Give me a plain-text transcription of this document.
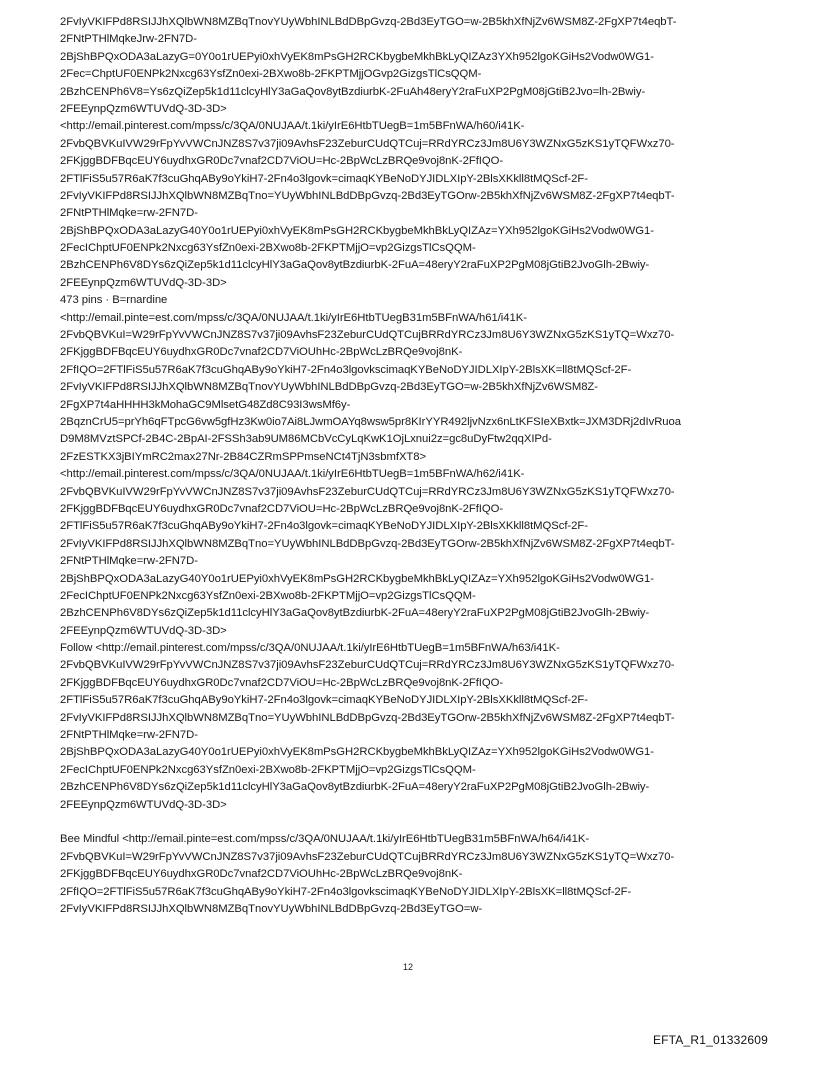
2FvIyVKIFPd8RSIJJhXQlbWN8MZBqTnovYUyWbhINLBdDBpGvzq-2Bd3EyTGO=w-2B5khXfNjZv6WSM8Z-2FgXP7t4eqbT-
2FNtPTHlMqkeJrw-2FN7D-
2BjShBPQxODA3aLazyG=0Y0o1rUEPyi0xhVyEK8mPsGH2RCKbygbeMkhBkLyQIZAz3YXh952lgoKGiHs2Vodw0WG1-
2Fec=ChptUF0ENPk2Nxcg63YsfZn0exi-2BXwo8b-2FKPTMjjOGvp2GizgsTlCsQQM-
2BzhCENPh6V8=Ys6zQiZep5k1d11clcyHlY3aGaQov8ytBzdiurbK-2FuAh48eryY2raFuXP2PgM08jGtiB2Jvo=lh-2Bwiy-
2FEEynpQzm6WTUVdQ-3D-3D>
<http://email.pinterest.com/mpss/c/3QA/0NUJAA/t.1ki/yIrE6HtbTUegB=1m5BFnWA/h60/i41K-
2FvbQBVKuIVW29rFpYvVWCnJNZ8S7v37ji09AvhsF23ZeburCUdQTCuj=RRdYRCz3Jm8U6Y3WZNxG5zKS1yTQFWxz70-
2FKjggBDFBqcEUY6uydhxGR0Dc7vnaf2CD7ViOU=Hc-2BpWcLzBRQe9voj8nK-2FfIQO-
2FTlFiS5u57R6aK7f3cuGhqABy9oYkiH7-2Fn4o3lgovk=cimaqKYBeNoDYJIDLXIpY-2BlsXKkll8tMQScf-2F-
2FvIyVKIFPd8RSIJJhXQlbWN8MZBqTno=YUyWbhINLBdDBpGvzq-2Bd3EyTGOrw-2B5khXfNjZv6WSM8Z-2FgXP7t4eqbT-
2FNtPTHlMqke=rw-2FN7D-
2BjShBPQxODA3aLazyG40Y0o1rUEPyi0xhVyEK8mPsGH2RCKbygbeMkhBkLyQIZAz=YXh952lgoKGiHs2Vodw0WG1-
2FecIChptUF0ENPk2Nxcg63YsfZn0exi-2BXwo8b-2FKPTMjjO=vp2GizgsTlCsQQM-
2BzhCENPh6V8DYs6zQiZep5k1d11clcyHlY3aGaQov8ytBzdiurbK-2FuA=48eryY2raFuXP2PgM08jGtiB2JvoGlh-2Bwiy-
2FEEynpQzm6WTUVdQ-3D-3D>
473 pins · B=rnardine
<http://email.pinte=est.com/mpss/c/3QA/0NUJAA/t.1ki/yIrE6HtbTUegB31m5BFnWA/h61/i41K-
2FvbQBVKuI=W29rFpYvVWCnJNZ8S7v37ji09AvhsF23ZeburCUdQTCujBRRdYRCz3Jm8U6Y3WZNxG5zKS1yTQ=Wxz70-
2FKjggBDFBqcEUY6uydhxGR0Dc7vnaf2CD7ViOUhHc-2BpWcLzBRQe9voj8nK-
2FfIQO=2FTlFiS5u57R6aK7f3cuGhqABy9oYkiH7-2Fn4o3lgovkscimaqKYBeNoDYJIDLXIpY-2BlsXK=ll8tMQScf-2F-
2FvIyVKIFPd8RSIJJhXQlbWN8MZBqTnovYUyWbhINLBdDBpGvzq-2Bd3EyTGO=w-2B5khXfNjZv6WSM8Z-
2FgXP7t4aHHHH3kMohaGC9MlsetG48Zd8C93I3wsMf6y-
2BqznCrU5=prYh6qFTpcG6vw5gfHz3Kw0io7Ai8LJwmOAYq8wsw5pr8KIrYYR492ljvNzx6nLtKFSIeXBxtk=JXM3DRj2dIvRuoa
D9M8MVztSPCf-2B4C-2BpAI-2FSSh3ab9UM86MCbVcCyLqKwK1OjLxnui2z=gc8uDyFtw2qqXIPd-
2FzESTKX3jBIYmRC2max27Nr-2B84CZRmSPPmseNCt4TjN3sbmfXT8>
<http://email.pinterest.com/mpss/c/3QA/0NUJAA/t.1ki/yIrE6HtbTUegB=1m5BFnWA/h62/i41K-
2FvbQBVKuIVW29rFpYvVWCnJNZ8S7v37ji09AvhsF23ZeburCUdQTCuj=RRdYRCz3Jm8U6Y3WZNxG5zKS1yTQFWxz70-
2FKjggBDFBqcEUY6uydhxGR0Dc7vnaf2CD7ViOU=Hc-2BpWcLzBRQe9voj8nK-2FfIQO-
2FTlFiS5u57R6aK7f3cuGhqABy9oYkiH7-2Fn4o3lgovk=cimaqKYBeNoDYJIDLXIpY-2BlsXKkll8tMQScf-2F-
2FvIyVKIFPd8RSIJJhXQlbWN8MZBqTno=YUyWbhINLBdDBpGvzq-2Bd3EyTGOrw-2B5khXfNjZv6WSM8Z-2FgXP7t4eqbT-
2FNtPTHlMqke=rw-2FN7D-
2BjShBPQxODA3aLazyG40Y0o1rUEPyi0xhVyEK8mPsGH2RCKbygbeMkhBkLyQIZAz=YXh952lgoKGiHs2Vodw0WG1-
2FecIChptUF0ENPk2Nxcg63YsfZn0exi-2BXwo8b-2FKPTMjjO=vp2GizgsTlCsQQM-
2BzhCENPh6V8DYs6zQiZep5k1d11clcyHlY3aGaQov8ytBzdiurbK-2FuA=48eryY2raFuXP2PgM08jGtiB2JvoGlh-2Bwiy-
2FEEynpQzm6WTUVdQ-3D-3D>
Follow <http://email.pinterest.com/mpss/c/3QA/0NUJAA/t.1ki/yIrE6HtbTUegB=1m5BFnWA/h63/i41K-
2FvbQBVKuIVW29rFpYvVWCnJNZ8S7v37ji09AvhsF23ZeburCUdQTCuj=RRdYRCz3Jm8U6Y3WZNxG5zKS1yTQFWxz70-
2FKjggBDFBqcEUY6uydhxGR0Dc7vnaf2CD7ViOU=Hc-2BpWcLzBRQe9voj8nK-2FfIQO-
2FTlFiS5u57R6aK7f3cuGhqABy9oYkiH7-2Fn4o3lgovk=cimaqKYBeNoDYJIDLXIpY-2BlsXKkll8tMQScf-2F-
2FvIyVKIFPd8RSIJJhXQlbWN8MZBqTno=YUyWbhINLBdDBpGvzq-2Bd3EyTGOrw-2B5khXfNjZv6WSM8Z-2FgXP7t4eqbT-
2FNtPTHlMqke=rw-2FN7D-
2BjShBPQxODA3aLazyG40Y0o1rUEPyi0xhVyEK8mPsGH2RCKbygbeMkhBkLyQIZAz=YXh952lgoKGiHs2Vodw0WG1-
2FecIChptUF0ENPk2Nxcg63YsfZn0exi-2BXwo8b-2FKPTMjjO=vp2GizgsTlCsQQM-
2BzhCENPh6V8DYs6zQiZep5k1d11clcyHlY3aGaQov8ytBzdiurbK-2FuA=48eryY2raFuXP2PgM08jGtiB2JvoGlh-2Bwiy-
2FEEynpQzm6WTUVdQ-3D-3D>
Bee Mindful <http://email.pinte=est.com/mpss/c/3QA/0NUJAA/t.1ki/yIrE6HtbTUegB31m5BFnWA/h64/i41K-
2FvbQBVKuI=W29rFpYvVWCnJNZ8S7v37ji09AvhsF23ZeburCUdQTCujBRRdYRCz3Jm8U6Y3WZNxG5zKS1yTQ=Wxz70-
2FKjggBDFBqcEUY6uydhxGR0Dc7vnaf2CD7ViOUhHc-2BpWcLzBRQe9voj8nK-
2FfIQO=2FTlFiS5u57R6aK7f3cuGhqABy9oYkiH7-2Fn4o3lgovkscimaqKYBeNoDYJIDLXIpY-2BlsXK=ll8tMQScf-2F-
2FvIyVKIFPd8RSIJJhXQlbWN8MZBqTnovYUyWbhINLBdDBpGvzq-2Bd3EyTGO=w-
12
EFTA_R1_01332609
